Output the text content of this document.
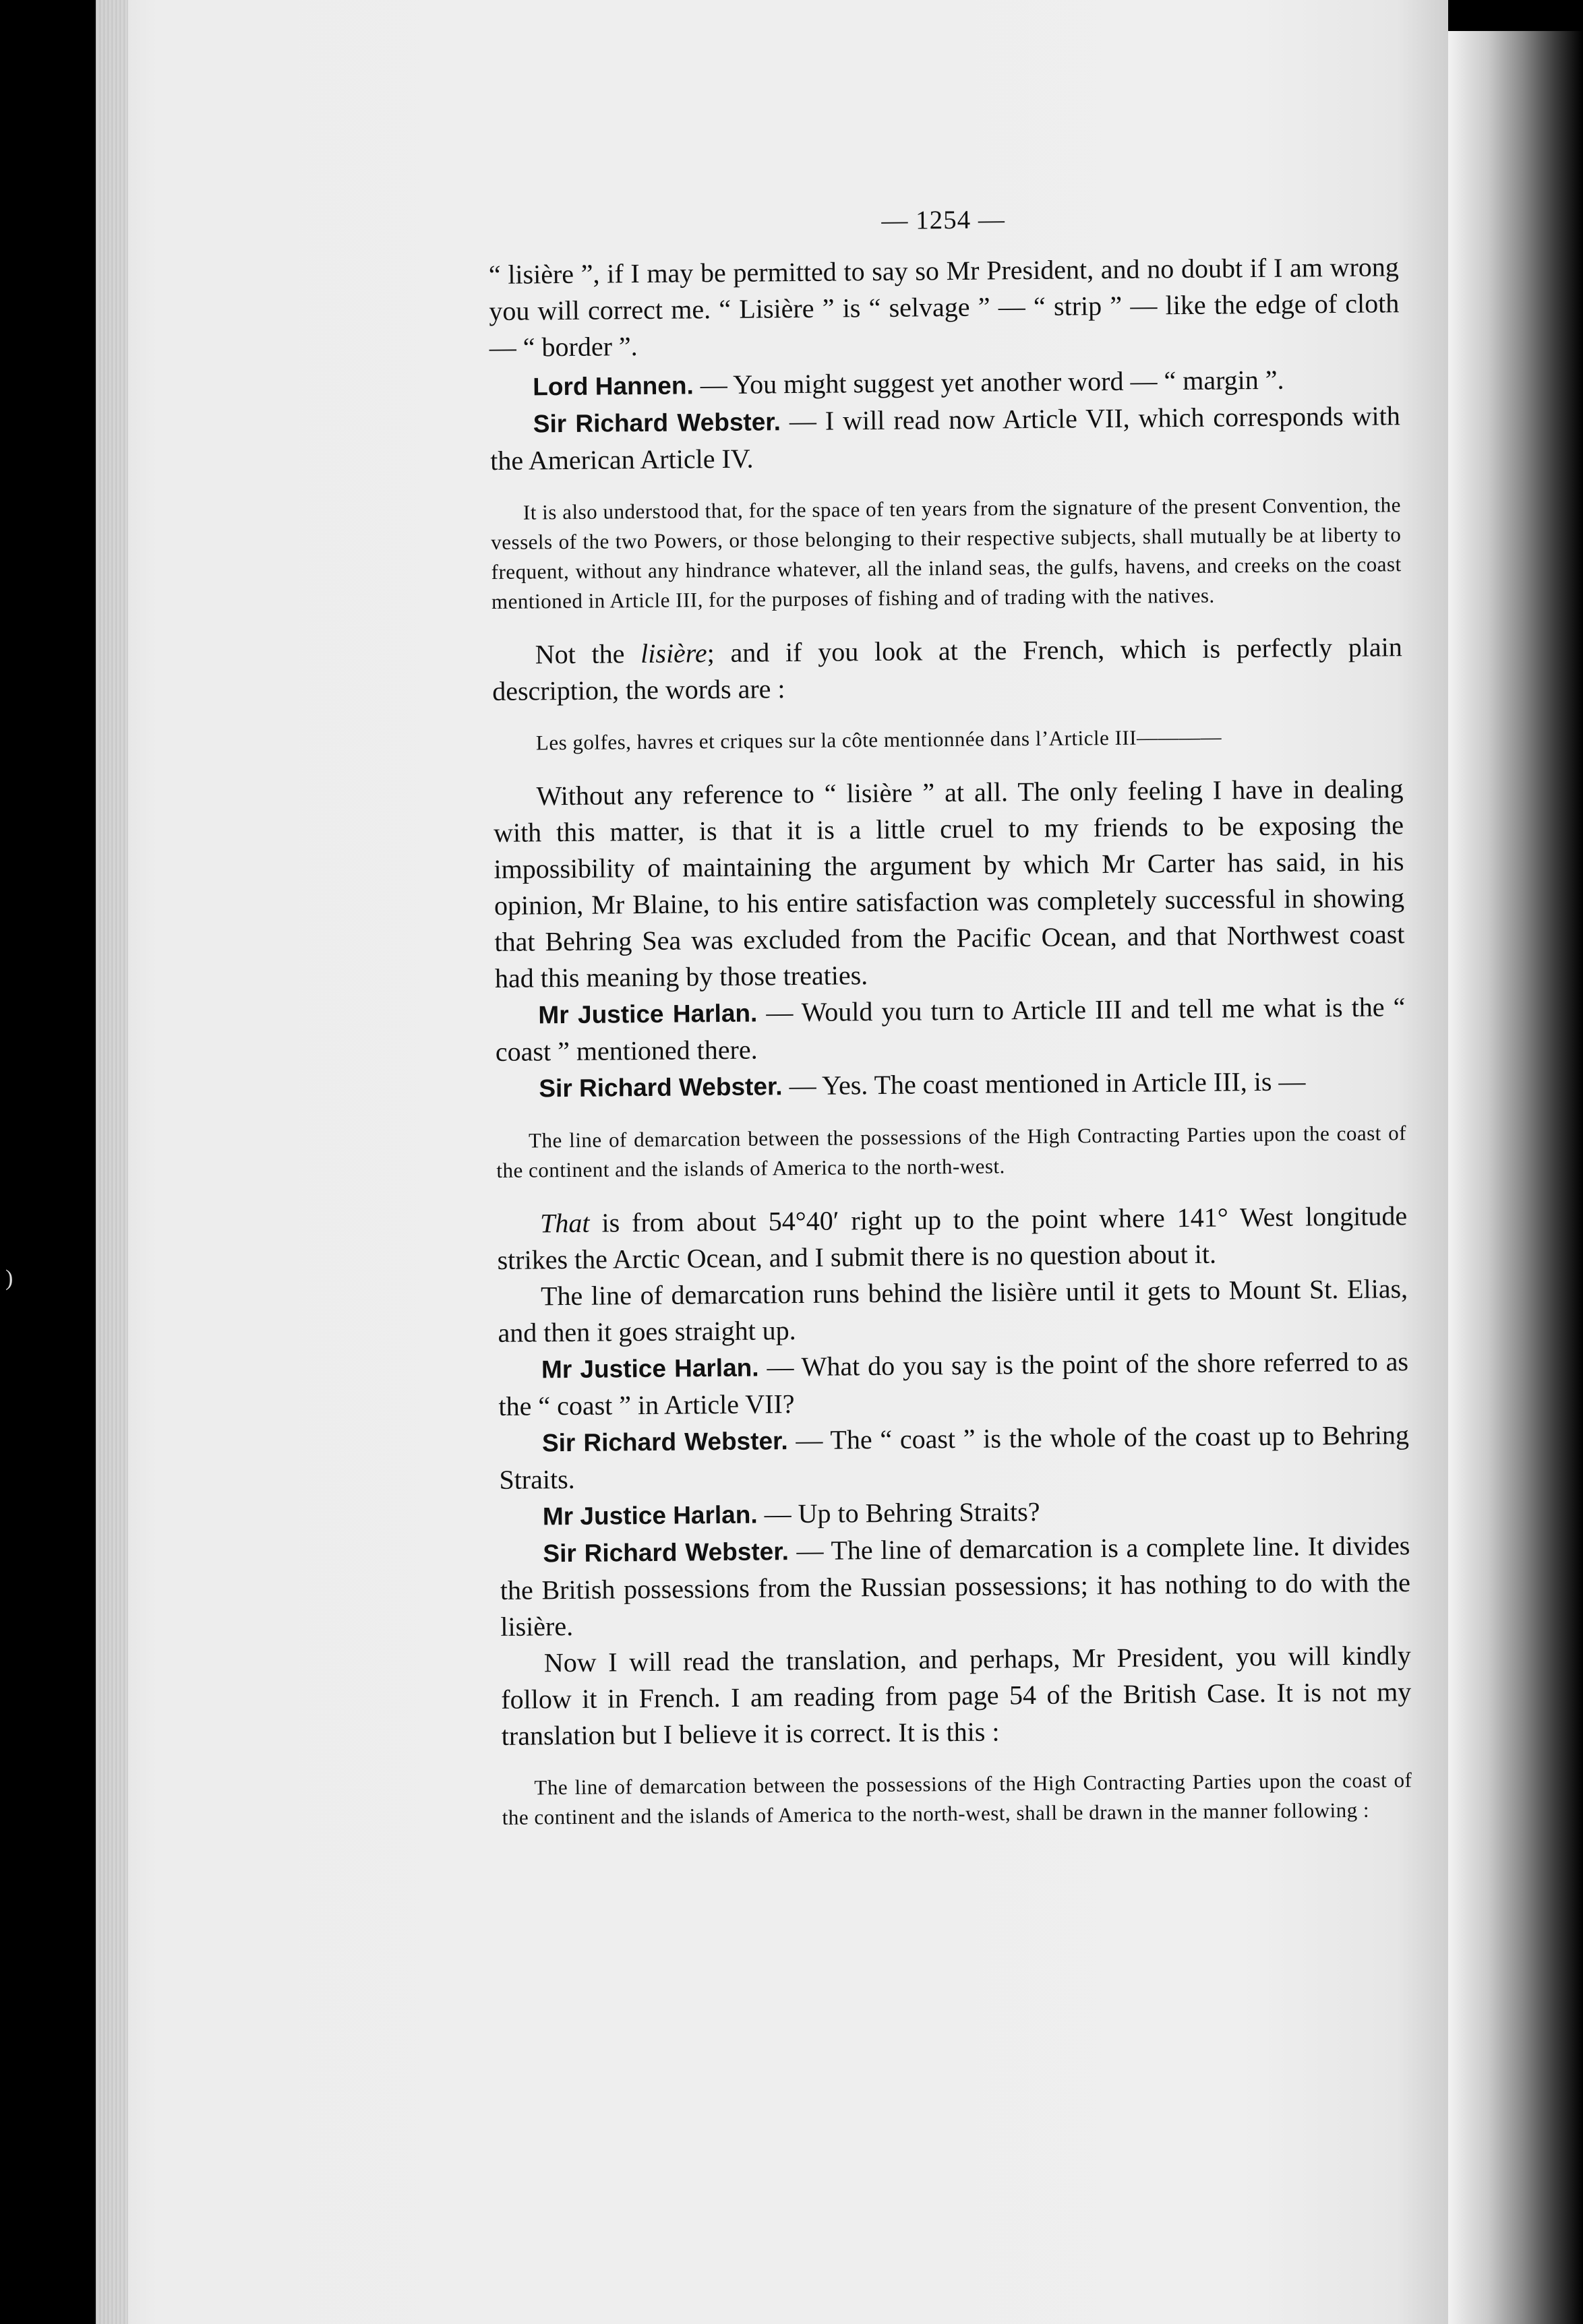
)

— 1254 —

“ lisière ”, if I may be permitted to say so Mr President, and no doubt if I am wrong you will correct me. “ Lisière ” is “ selvage ” — “ strip ” — like the edge of cloth — “ border ”.

Lord Hannen. — You might suggest yet another word — “ margin ”.

Sir Richard Webster. — I will read now Article VII, which corresponds with the American Article IV.

It is also understood that, for the space of ten years from the signature of the present Convention, the vessels of the two Powers, or those belonging to their respective subjects, shall mutually be at liberty to frequent, without any hindrance whatever, all the inland seas, the gulfs, havens, and creeks on the coast mentioned in Article III, for the purposes of fishing and of trading with the natives.

Not the lisière; and if you look at the French, which is perfectly plain description, the words are :

Les golfes, havres et criques sur la côte mentionnée dans l’Article III————

Without any reference to “ lisière ” at all. The only feeling I have in dealing with this matter, is that it is a little cruel to my friends to be exposing the impossibility of maintaining the argument by which Mr Carter has said, in his opinion, Mr Blaine, to his entire satisfaction was completely successful in showing that Behring Sea was excluded from the Pacific Ocean, and that Northwest coast had this meaning by those treaties.

Mr Justice Harlan. — Would you turn to Article III and tell me what is the “ coast ” mentioned there.

Sir Richard Webster. — Yes. The coast mentioned in Article III, is —

The line of demarcation between the possessions of the High Contracting Parties upon the coast of the continent and the islands of America to the north-west.

That is from about 54°40′ right up to the point where 141° West longitude strikes the Arctic Ocean, and I submit there is no question about it.

The line of demarcation runs behind the lisière until it gets to Mount St. Elias, and then it goes straight up.

Mr Justice Harlan. — What do you say is the point of the shore referred to as the “ coast ” in Article VII?

Sir Richard Webster. — The “ coast ” is the whole of the coast up to Behring Straits.

Mr Justice Harlan. — Up to Behring Straits?

Sir Richard Webster. — The line of demarcation is a complete line. It divides the British possessions from the Russian possessions; it has nothing to do with the lisière.

Now I will read the translation, and perhaps, Mr President, you will kindly follow it in French. I am reading from page 54 of the British Case. It is not my translation but I believe it is correct. It is this :

The line of demarcation between the possessions of the High Contracting Parties upon the coast of the continent and the islands of America to the north-west, shall be drawn in the manner following :
